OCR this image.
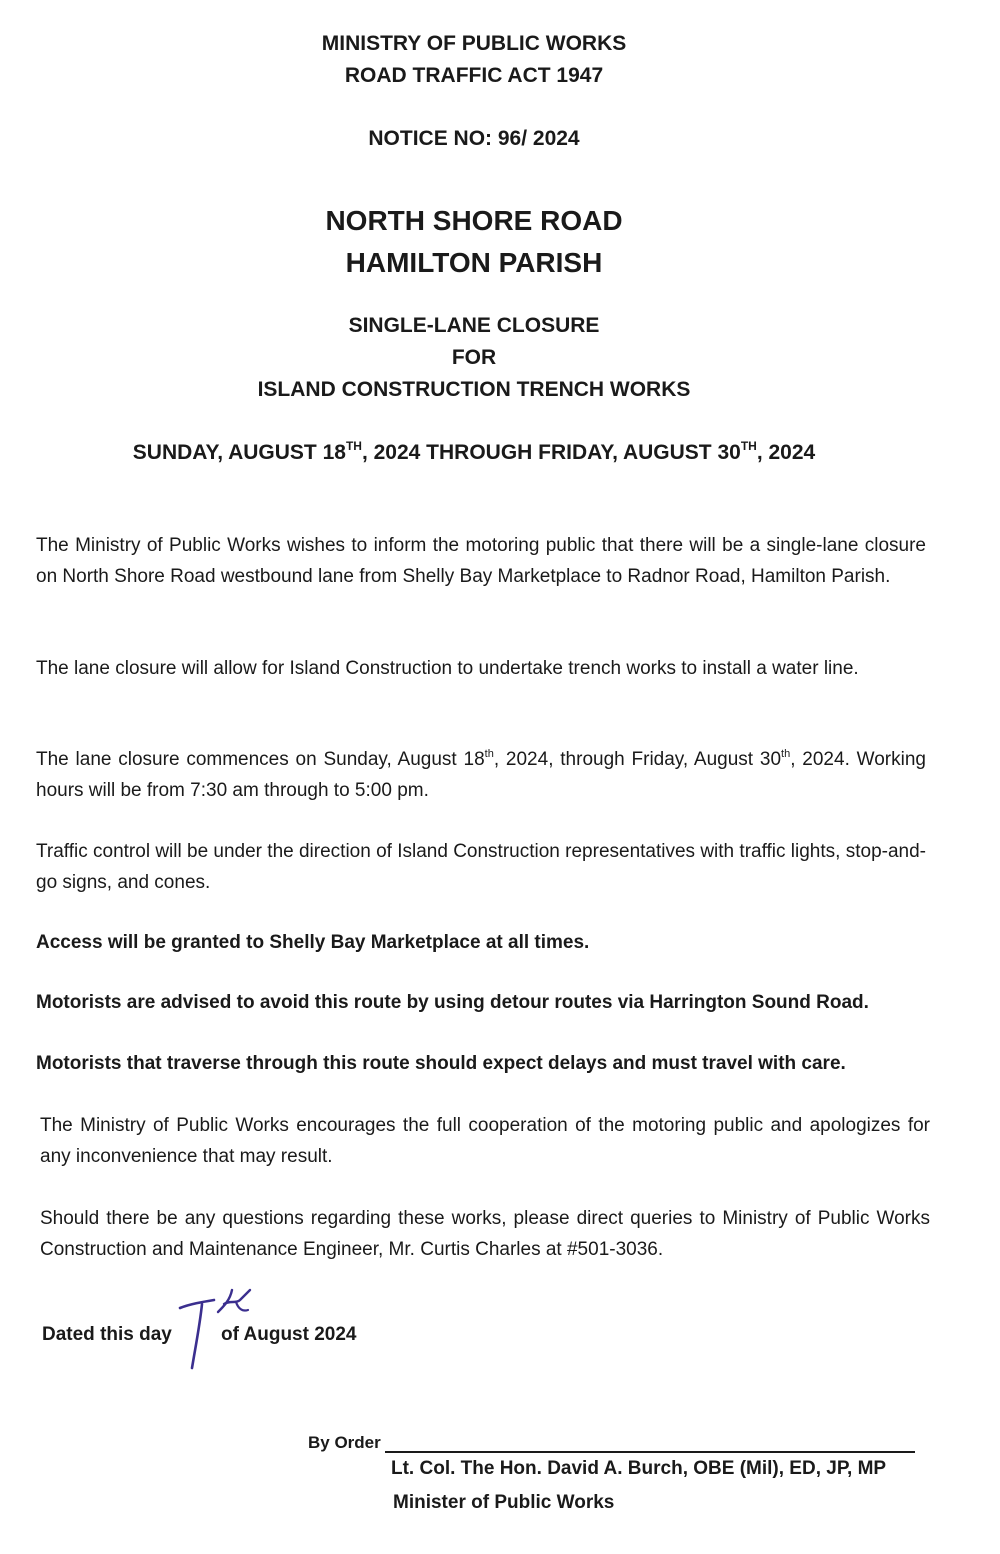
MINISTRY OF PUBLIC WORKS
ROAD TRAFFIC ACT 1947
NOTICE NO: 96/ 2024
NORTH SHORE ROAD
HAMILTON PARISH
SINGLE-LANE CLOSURE
FOR
ISLAND CONSTRUCTION TRENCH WORKS
SUNDAY, AUGUST 18TH, 2024 THROUGH FRIDAY, AUGUST 30TH, 2024

The Ministry of Public Works wishes to inform the motoring public that there will be a single-lane closure on North Shore Road westbound lane from Shelly Bay Marketplace to Radnor Road, Hamilton Parish.

The lane closure will allow for Island Construction to undertake trench works to install a water line.

The lane closure commences on Sunday, August 18th, 2024, through Friday, August 30th, 2024. Working hours will be from 7:30 am through to 5:00 pm.

Traffic control will be under the direction of Island Construction representatives with traffic lights, stop-and-go signs, and cones.

Access will be granted to Shelly Bay Marketplace at all times.

Motorists are advised to avoid this route by using detour routes via Harrington Sound Road.

Motorists that traverse through this route should expect delays and must travel with care.

The Ministry of Public Works encourages the full cooperation of the motoring public and apologizes for any inconvenience that may result.

Should there be any questions regarding these works, please direct queries to Ministry of Public Works Construction and Maintenance Engineer, Mr. Curtis Charles at #501-3036.

Dated this day	of August 2024
By Order
Lt. Col. The Hon. David A. Burch, OBE (Mil), ED, JP, MP
Minister of Public Works
